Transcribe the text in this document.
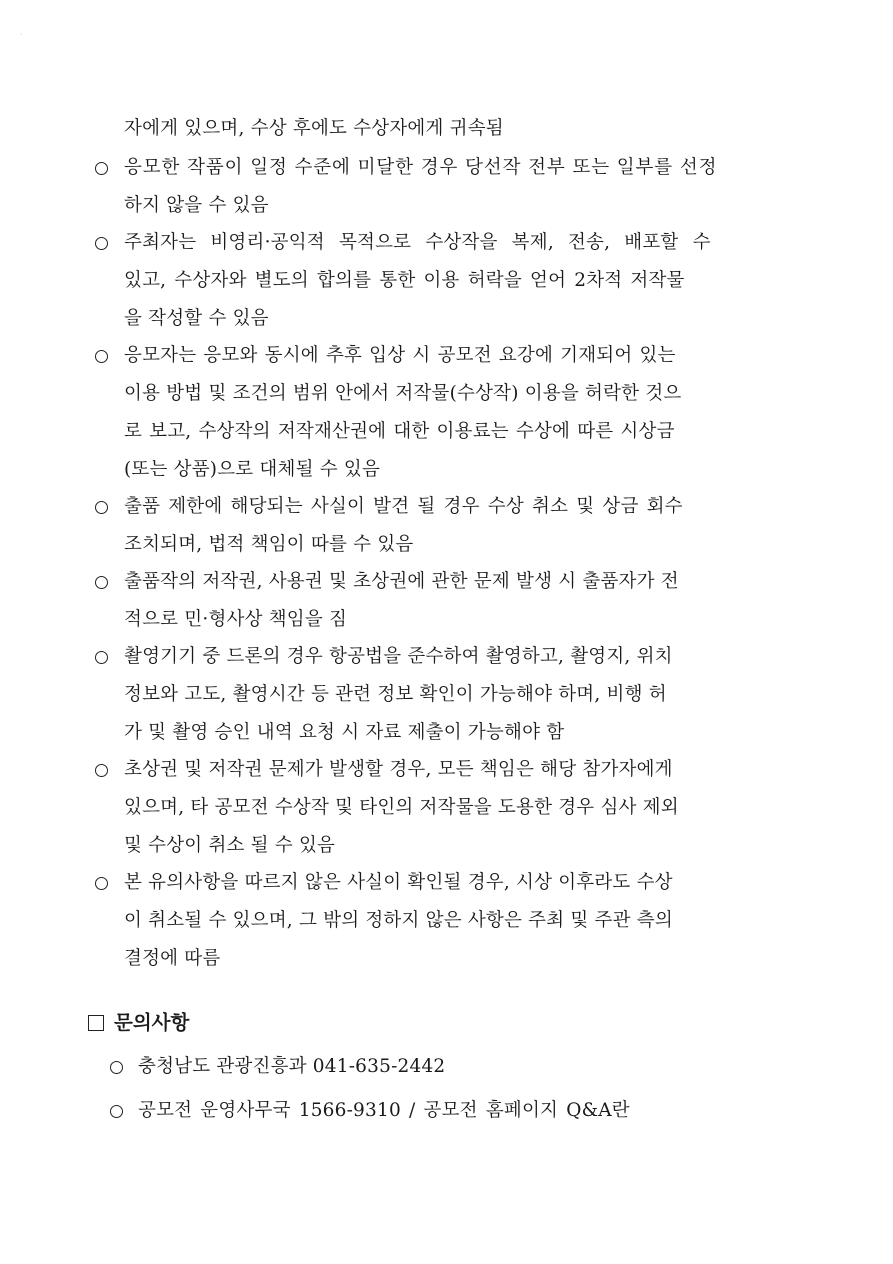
·
자에게 있으며, 수상 후에도 수상자에게 귀속됨
응모한 작품이 일정 수준에 미달한 경우 당선작 전부 또는 일부를 선정
하지 않을 수 있음
주최자는 비영리·공익적 목적으로 수상작을 복제, 전송, 배포할 수
있고, 수상자와 별도의 합의를 통한 이용 허락을 얻어 2차적 저작물
을 작성할 수 있음
응모자는 응모와 동시에 추후 입상 시 공모전 요강에 기재되어 있는
이용 방법 및 조건의 범위 안에서 저작물(수상작) 이용을 허락한 것으
로 보고, 수상작의 저작재산권에 대한 이용료는 수상에 따른 시상금
(또는 상품)으로 대체될 수 있음
출품 제한에 해당되는 사실이 발견 될 경우 수상 취소 및 상금 회수
조치되며, 법적 책임이 따를 수 있음
출품작의 저작권, 사용권 및 초상권에 관한 문제 발생 시 출품자가 전
적으로 민·형사상 책임을 짐
촬영기기 중 드론의 경우 항공법을 준수하여 촬영하고, 촬영지, 위치
정보와 고도, 촬영시간 등 관련 정보 확인이 가능해야 하며, 비행 허
가 및 촬영 승인 내역 요청 시 자료 제출이 가능해야 함
초상권 및 저작권 문제가 발생할 경우, 모든 책임은 해당 참가자에게
있으며, 타 공모전 수상작 및 타인의 저작물을 도용한 경우 심사 제외
및 수상이 취소 될 수 있음
본 유의사항을 따르지 않은 사실이 확인될 경우, 시상 이후라도 수상
이 취소될 수 있으며, 그 밖의 정하지 않은 사항은 주최 및 주관 측의
결정에 따름
문의사항
충청남도 관광진흥과 041-635-2442
공모전 운영사무국 1566-9310 / 공모전 홈페이지 Q&A란
